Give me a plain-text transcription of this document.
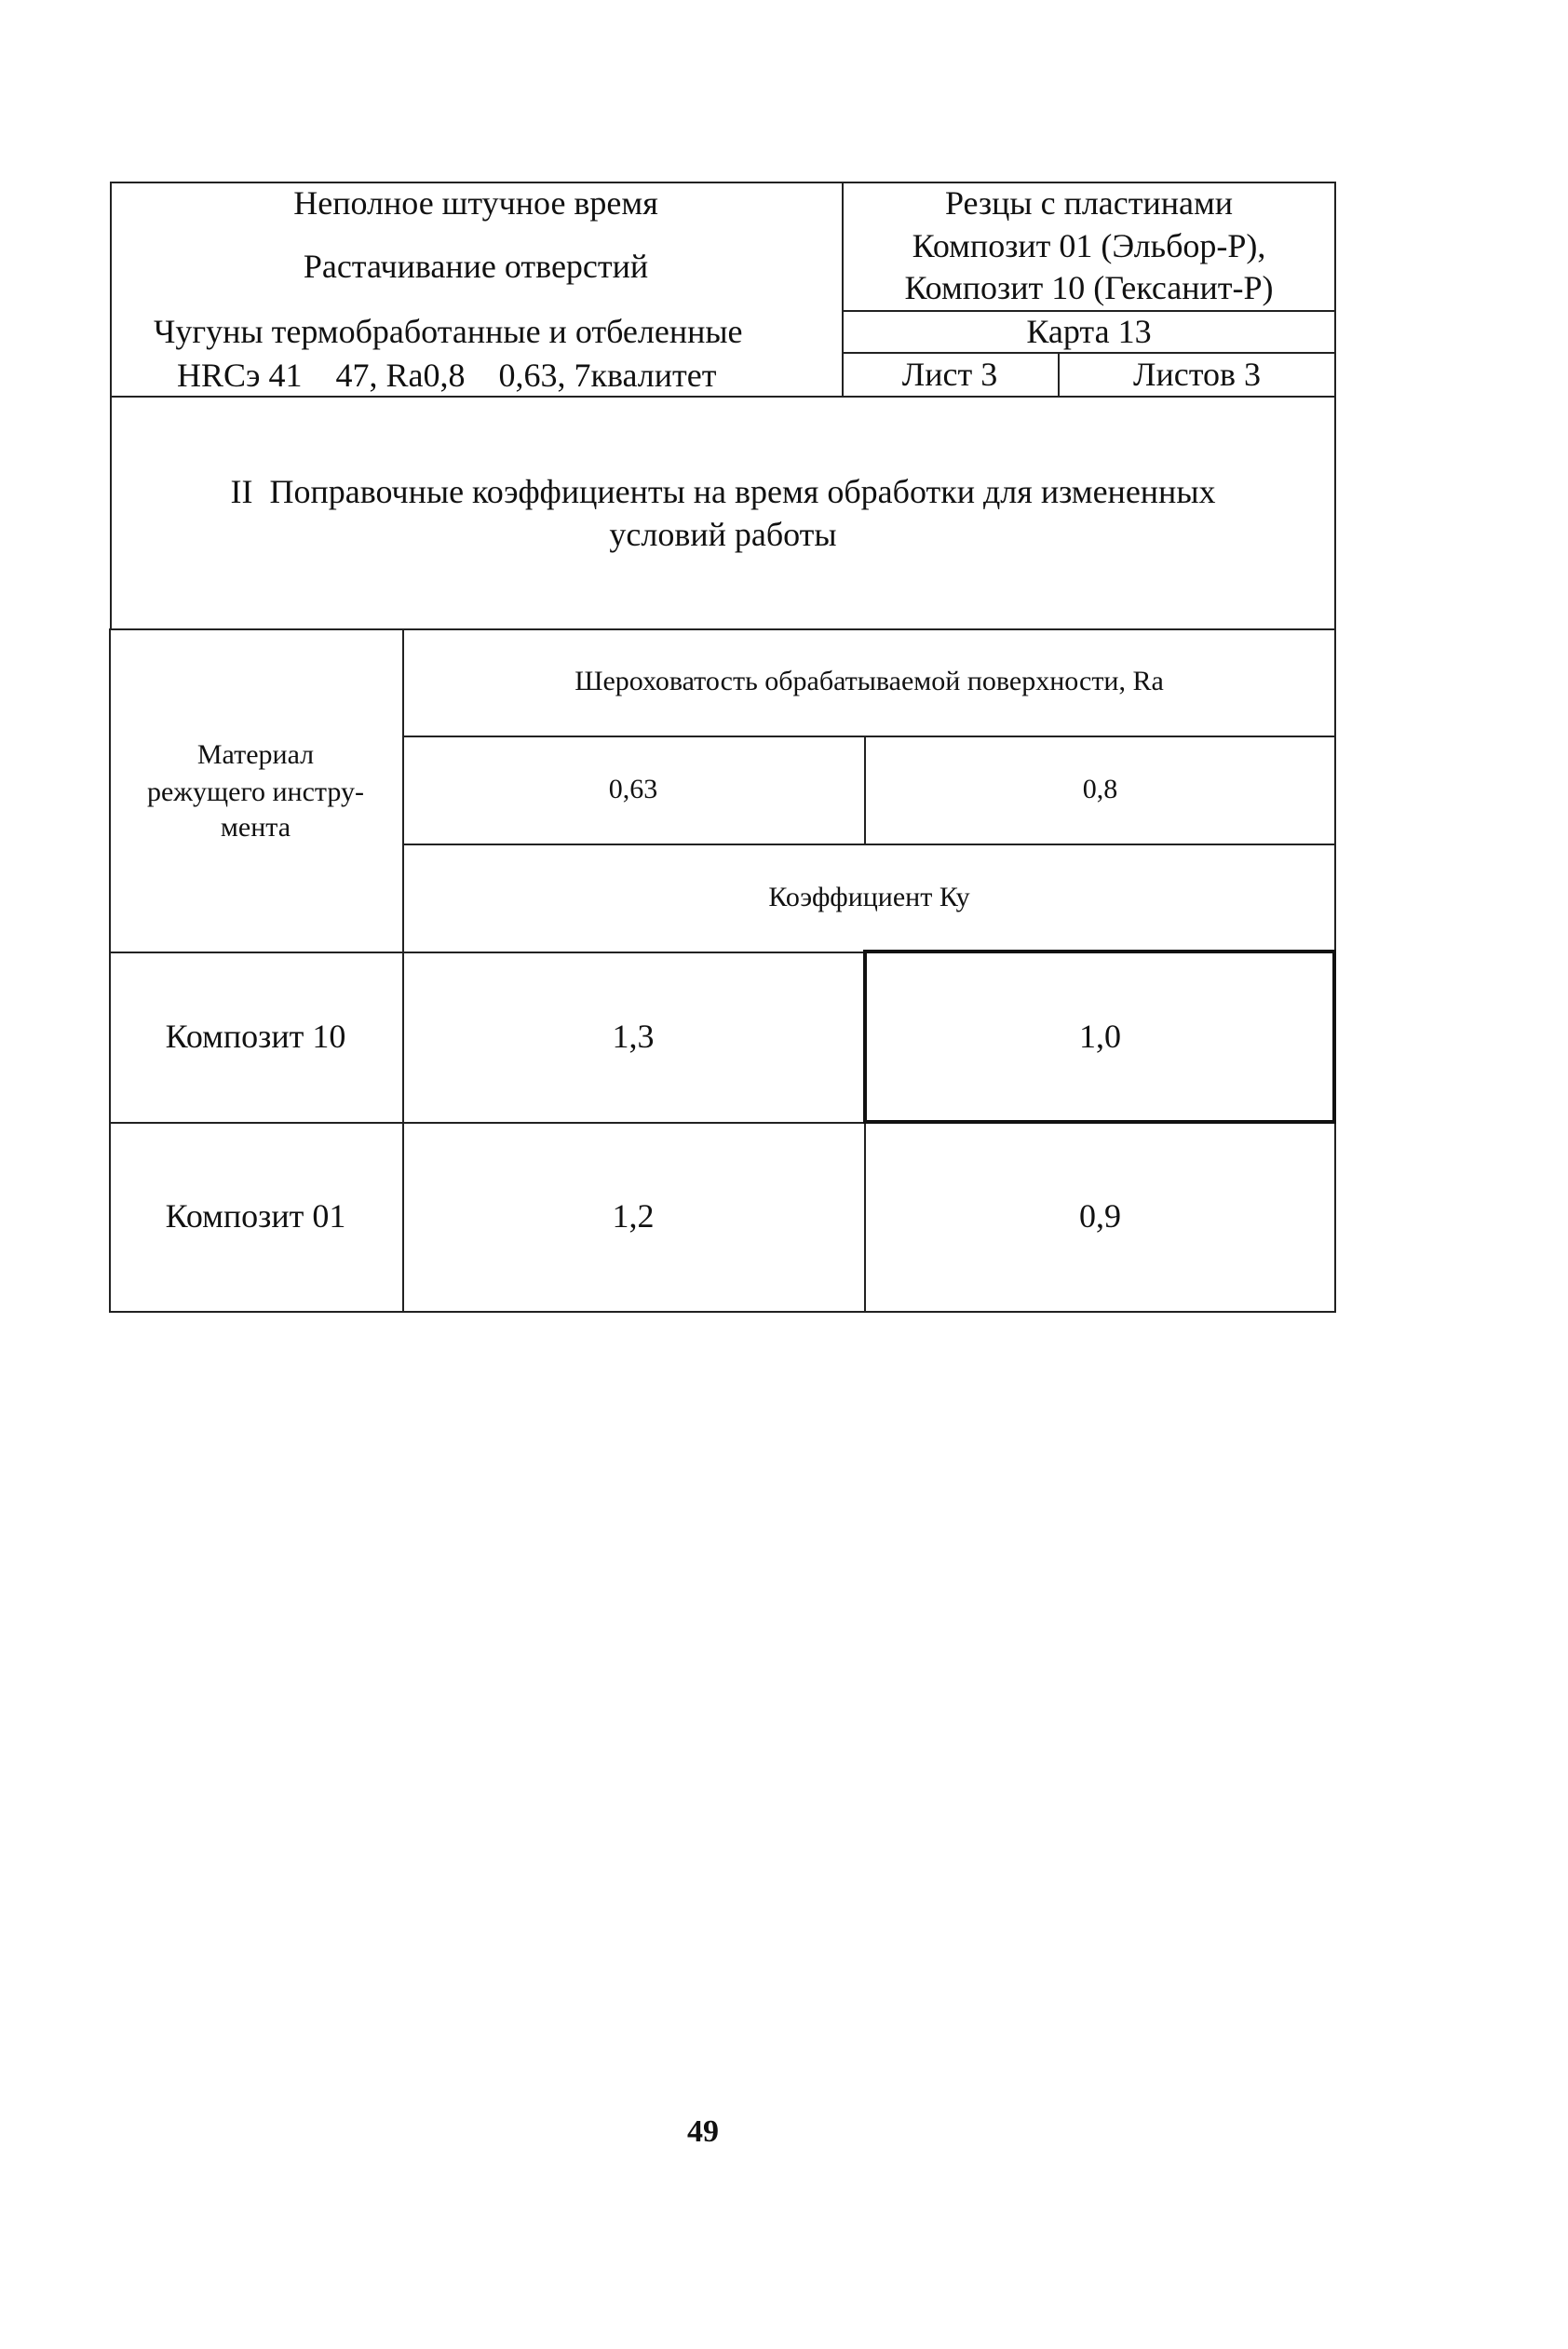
Неполное штучное время
Растачивание отверстий
Чугуны термобработанные и отбеленные
HRCэ 41    47, Ra0,8    0,63, 7квалитет
Резцы с пластинами
Композит 01 (Эльбор-Р),
Композит 10 (Гексанит-Р)
Карта 13
Лист 3	Листов 3
II  Поправочные коэффициенты на время обработки для измененных
условий работы
Материал
режущего инстру-
мента
Шероховатость обрабатываемой поверхности, Ra
0,63	0,8
Коэффициент Ку
Композит 10	1,3	1,0
Композит 01	1,2	0,9
49
